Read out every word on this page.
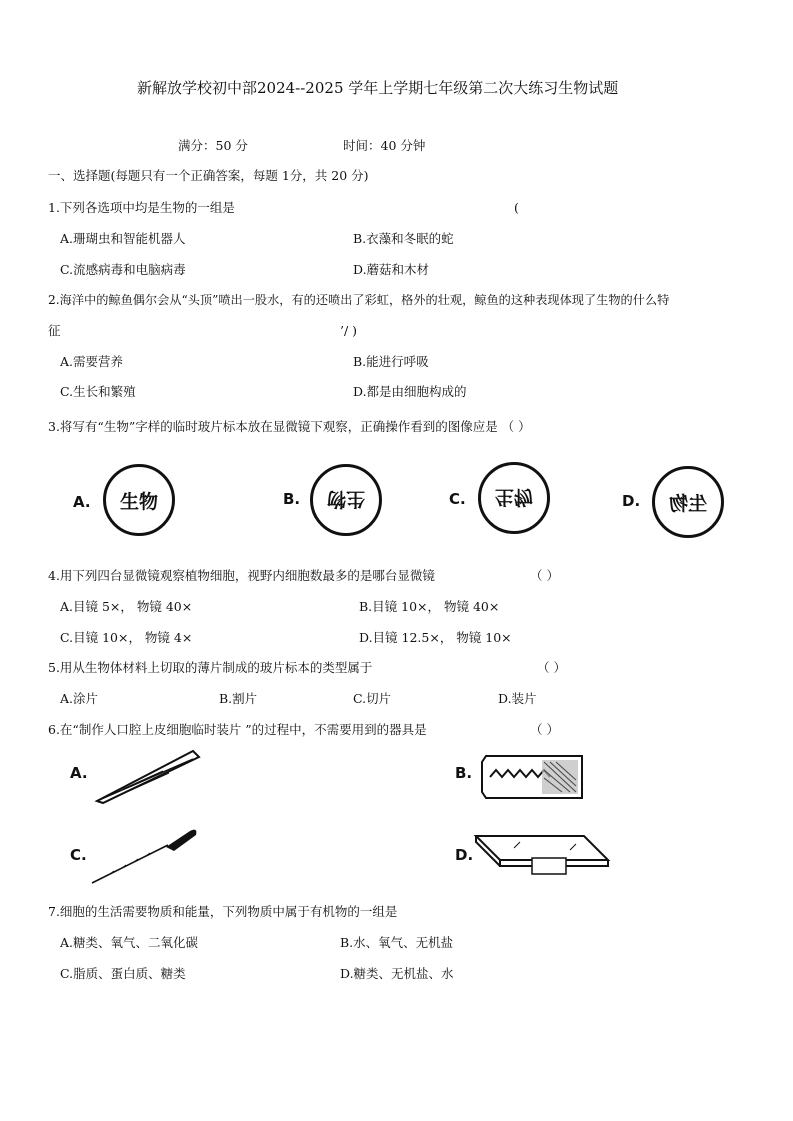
新解放学校初中部2024--2025 学年上学期七年级第二次大练习生物试题
满分：50 分	时间：40 分钟
一、选择题(每题只有一个正确答案，每题 1分，共 20 分)
1.下列各选项中均是生物的一组是	(
A.珊瑚虫和智能机器人	B.衣藻和冬眠的蛇
C.流感病毒和电脑病毒	D.蘑菇和木材
2.海洋中的鲸鱼偶尔会从“头顶”喷出一股水，有的还喷出了彩虹，格外的壮观，鲸鱼的这种表现体现了生物的什么特
征	’/ )
A.需要营养	B.能进行呼吸
C.生长和繁殖	D.都是由细胞构成的
3.将写有“生物”字样的临时玻片标本放在显微镜下观察，正确操作看到的图像应是 （ ）
A. 生物	B. 生物	C. 生物	D. 生物
4.用下列四台显微镜观察植物细胞，视野内细胞数最多的是哪台显微镜	（ ）
A.目镜 5×， 物镜 40×	B.目镜 10×， 物镜 40×
C.目镜 10×， 物镜 4×	D.目镜 12.5×， 物镜 10×
5.用从生物体材料上切取的薄片制成的玻片标本的类型属于	（ ）
A.涂片	B.割片	C.切片	D.装片
6.在“制作人口腔上皮细胞临时装片 ”的过程中，不需要用到的器具是	（ ）
A.	B.
C.	D.
7.细胞的生活需要物质和能量，下列物质中属于有机物的一组是
A.糖类、氧气、二氧化碳	B.水、氧气、无机盐
C.脂质、蛋白质、糖类	D.糖类、无机盐、水
